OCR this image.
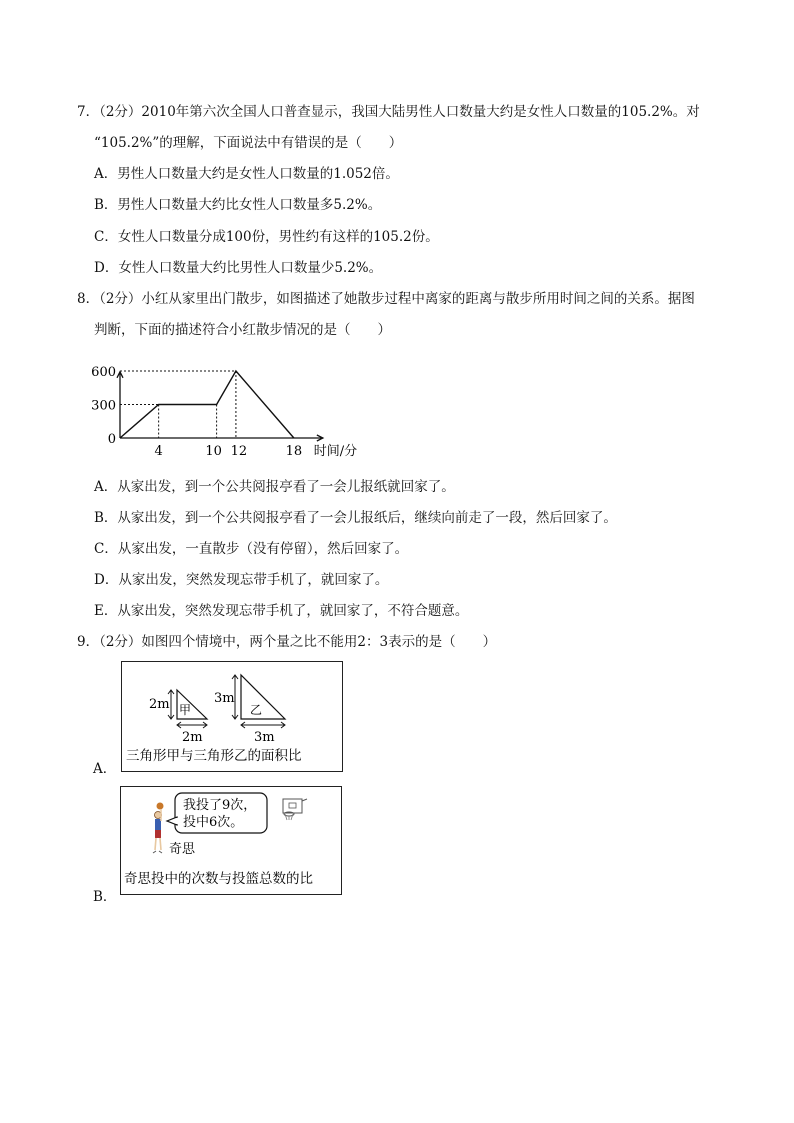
7．（2分）2010年第六次全国人口普查显示，我国大陆男性人口数量大约是女性人口数量的105.2%。对
“105.2%”的理解，下面说法中有错误的是（　　）
A．男性人口数量大约是女性人口数量的1.052倍。
B．男性人口数量大约比女性人口数量多5.2%。
C．女性人口数量分成100份，男性约有这样的105.2份。
D．女性人口数量大约比男性人口数量少5.2%。
8．（2分）小红从家里出门散步，如图描述了她散步过程中离家的距离与散步所用时间之间的关系。据图
判断，下面的描述符合小红散步情况的是（　　）
0
300
600
4	10 12	18 时间/分
A．从家出发，到一个公共阅报亭看了一会儿报纸就回家了。
B．从家出发，到一个公共阅报亭看了一会儿报纸后，继续向前走了一段，然后回家了。
C．从家出发，一直散步（没有停留），然后回家了。
D．从家出发，突然发现忘带手机了，就回家了。
E．从家出发，突然发现忘带手机了，就回家了，不符合题意。
9．（2分）如图四个情境中，两个量之比不能用2：3表示的是（　　）
2m 甲
2m
3m
乙
3m
三角形甲与三角形乙的面积比
A．
我投了9次，
投中6次。
奇思
奇思投中的次数与投篮总数的比
B．
